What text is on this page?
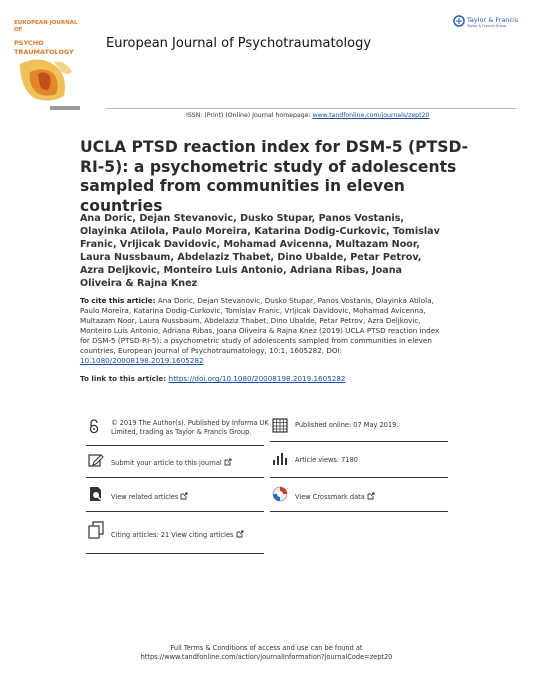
EUROPEAN JOURNAL OF
PSYCHO
TRAUMATOLOGY
European Journal of Psychotraumatology
Taylor & Francis
Taylor & Francis Group
ISSN: (Print) (Online) Journal homepage: www.tandfonline.com/journals/zept20
UCLA PTSD reaction index for DSM-5 (PTSD-RI-5): a psychometric study of adolescents sampled from communities in eleven countries
Ana Doric, Dejan Stevanovic, Dusko Stupar, Panos Vostanis, Olayinka Atilola, Paulo Moreira, Katarina Dodig-Curkovic, Tomislav Franic, Vrljicak Davidovic, Mohamad Avicenna, Multazam Noor, Laura Nussbaum, Abdelaziz Thabet, Dino Ubalde, Petar Petrov, Azra Deljkovic, Monteiro Luis Antonio, Adriana Ribas, Joana Oliveira & Rajna Knez
To cite this article: Ana Doric, Dejan Stevanovic, Dusko Stupar, Panos Vostanis, Olayinka Atilola, Paulo Moreira, Katarina Dodig-Curkovic, Tomislav Franic, Vrljicak Davidovic, Mohamad Avicenna, Multazam Noor, Laura Nussbaum, Abdelaziz Thabet, Dino Ubalde, Petar Petrov, Azra Deljkovic, Monteiro Luis Antonio, Adriana Ribas, Joana Oliveira & Rajna Knez (2019) UCLA PTSD reaction index for DSM-5 (PTSD-RI-5): a psychometric study of adolescents sampled from communities in eleven countries, European Journal of Psychotraumatology, 10:1, 1605282, DOI: 10.1080/20008198.2019.1605282
To link to this article: https://doi.org/10.1080/20008198.2019.1605282
© 2019 The Author(s). Published by Informa UK Limited, trading as Taylor & Francis Group.
Submit your article to this journal
View related articles
Citing articles: 21 View citing articles
Published online: 07 May 2019.
Article views: 7180
View Crossmark data
Full Terms & Conditions of access and use can be found at
https://www.tandfonline.com/action/journalInformation?journalCode=zept20
